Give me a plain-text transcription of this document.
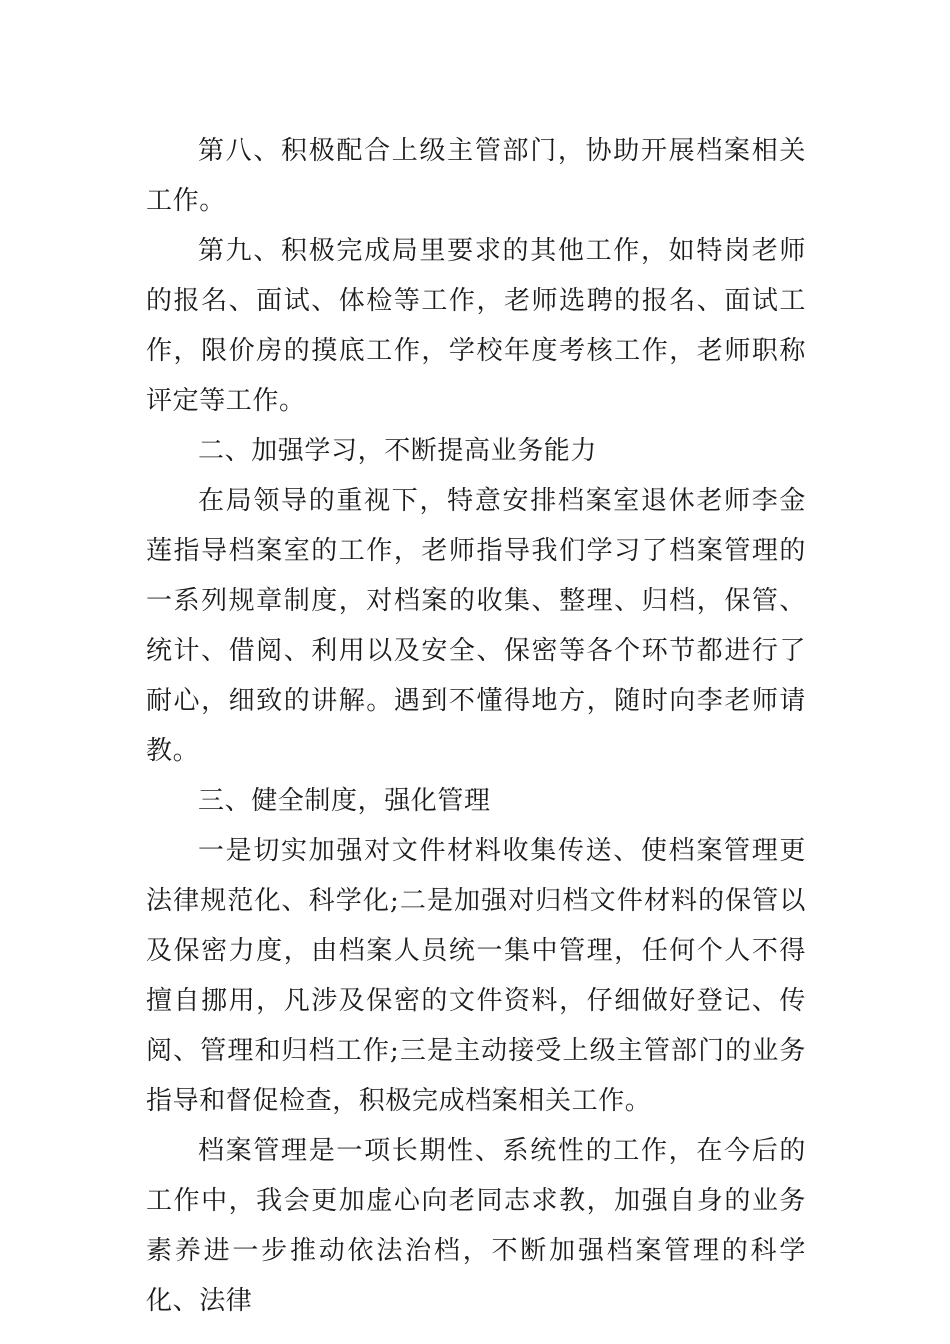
第八、积极配合上级主管部门，协助开展档案相关工作。

第九、积极完成局里要求的其他工作，如特岗老师的报名、面试、体检等工作，老师选聘的报名、面试工作，限价房的摸底工作，学校年度考核工作，老师职称评定等工作。

二、加强学习，不断提高业务能力

在局领导的重视下，特意安排档案室退休老师李金莲指导档案室的工作，老师指导我们学习了档案管理的一系列规章制度，对档案的收集、整理、归档，保管、统计、借阅、利用以及安全、保密等各个环节都进行了耐心，细致的讲解。遇到不懂得地方，随时向李老师请教。

三、健全制度，强化管理

一是切实加强对文件材料收集传送、使档案管理更法律规范化、科学化;二是加强对归档文件材料的保管以及保密力度，由档案人员统一集中管理，任何个人不得擅自挪用，凡涉及保密的文件资料，仔细做好登记、传阅、管理和归档工作;三是主动接受上级主管部门的业务指导和督促检查，积极完成档案相关工作。

档案管理是一项长期性、系统性的工作，在今后的工作中，我会更加虚心向老同志求教，加强自身的业务素养进一步推动依法治档，不断加强档案管理的科学化、法律
